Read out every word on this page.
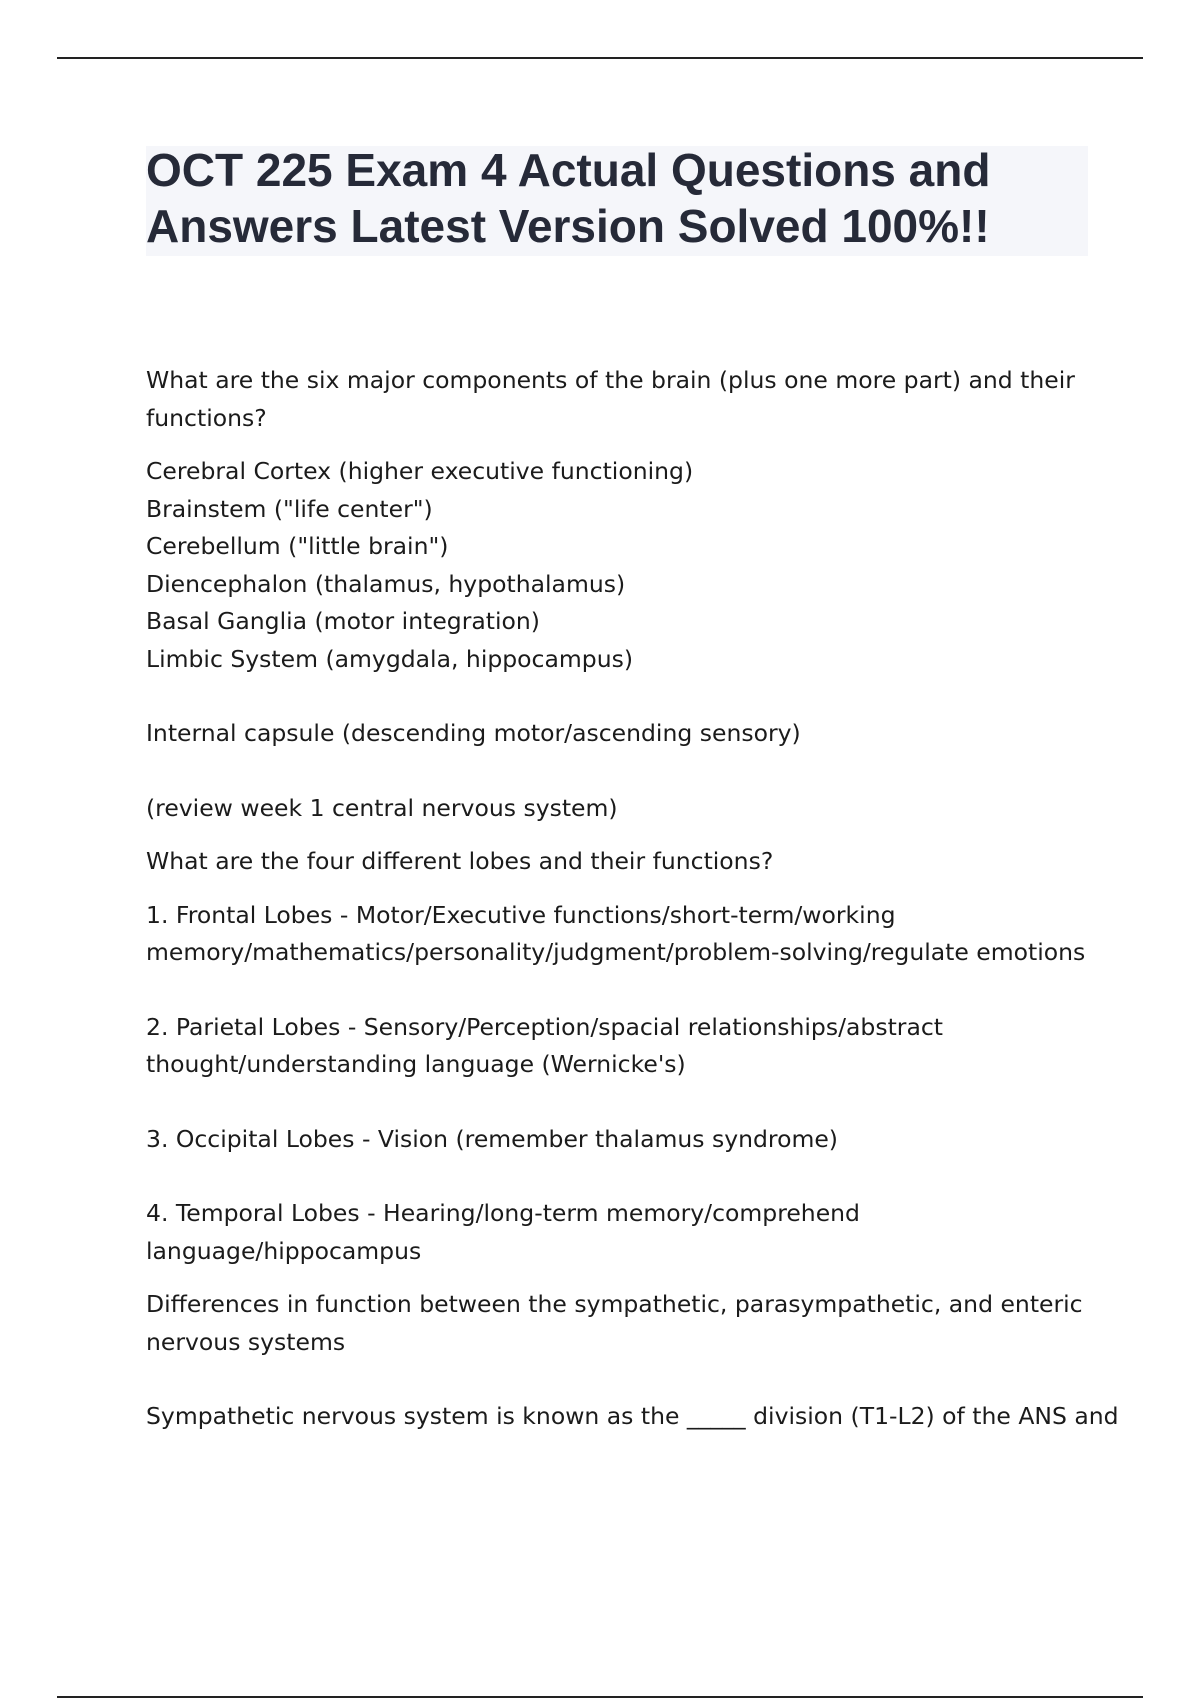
OCT 225 Exam 4 Actual Questions and
Answers Latest Version Solved 100%!!
What are the six major components of the brain (plus one more part) and their
functions?
Cerebral Cortex (higher executive functioning)
Brainstem ("life center")
Cerebellum ("little brain")
Diencephalon (thalamus, hypothalamus)
Basal Ganglia (motor integration)
Limbic System (amygdala, hippocampus)
Internal capsule (descending motor/ascending sensory)
(review week 1 central nervous system)
What are the four different lobes and their functions?
1. Frontal Lobes - Motor/Executive functions/short-term/working
memory/mathematics/personality/judgment/problem-solving/regulate emotions
2. Parietal Lobes - Sensory/Perception/spacial relationships/abstract
thought/understanding language (Wernicke's)
3. Occipital Lobes - Vision (remember thalamus syndrome)
4. Temporal Lobes - Hearing/long-term memory/comprehend
language/hippocampus
Differences in function between the sympathetic, parasympathetic, and enteric
nervous systems
Sympathetic nervous system is known as the _____ division (T1-L2) of the ANS and
